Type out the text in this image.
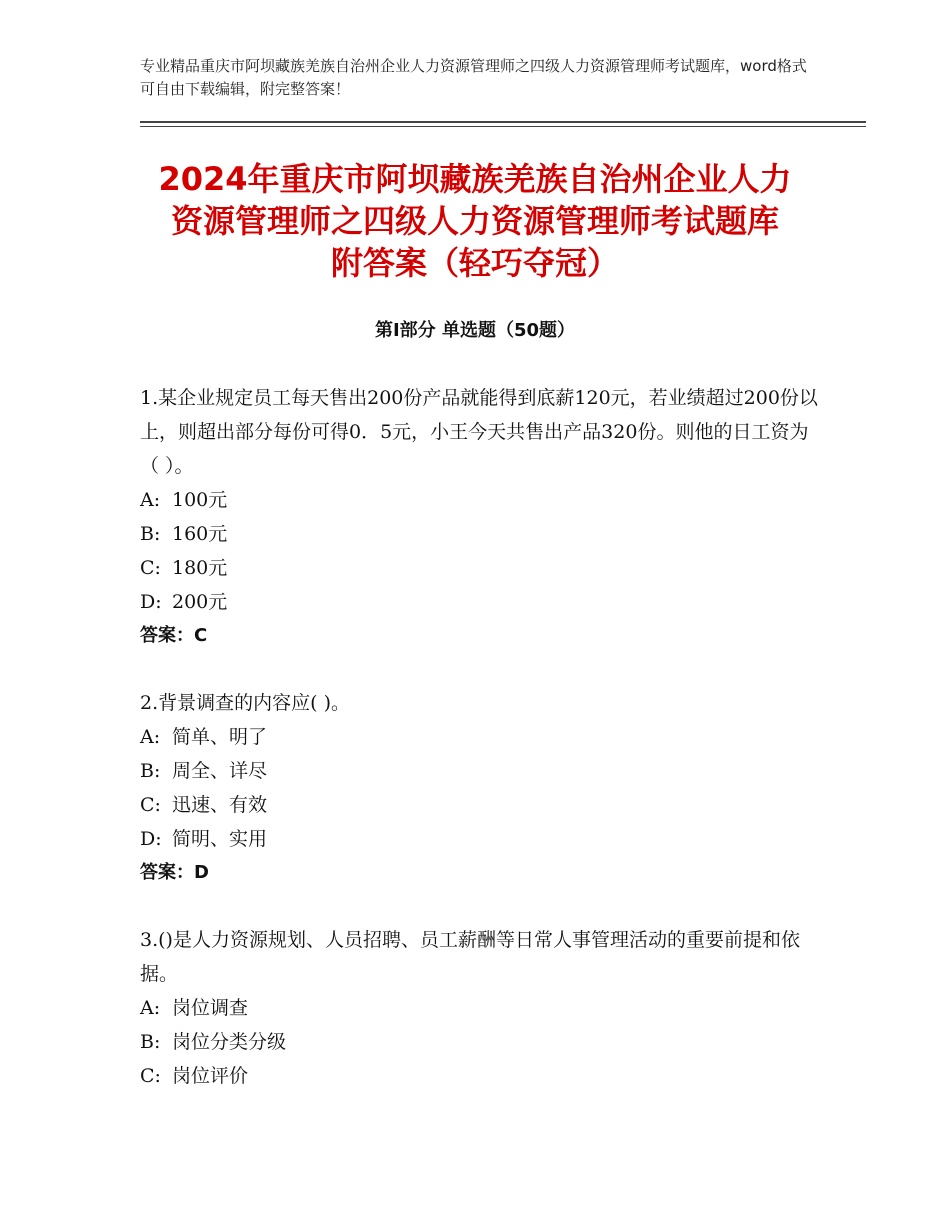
专业精品重庆市阿坝藏族羌族自治州企业人力资源管理师之四级人力资源管理师考试题库，word格式可自由下载编辑，附完整答案！
2024年重庆市阿坝藏族羌族自治州企业人力
资源管理师之四级人力资源管理师考试题库
附答案（轻巧夺冠）
第Ⅰ部分 单选题（50题）
1.某企业规定员工每天售出200份产品就能得到底薪120元，若业绩超过200份以上，则超出部分每份可得0．5元，小王今天共售出产品320份。则他的日工资为（ ）。
A: 100元
B: 160元
C: 180元
D: 200元
答案：C
2.背景调查的内容应( )。
A: 简单、明了
B: 周全、详尽
C: 迅速、有效
D: 简明、实用
答案：D
3.()是人力资源规划、人员招聘、员工薪酬等日常人事管理活动的重要前提和依据。
A: 岗位调查
B: 岗位分类分级
C: 岗位评价
